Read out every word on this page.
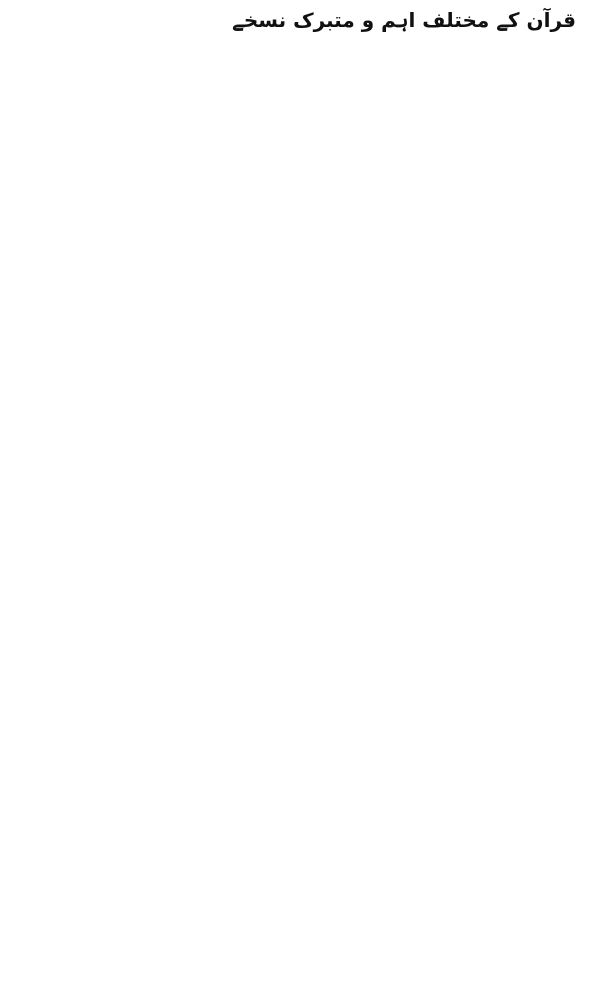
قرآن کے مختلف اہم و متبرک نسخے
